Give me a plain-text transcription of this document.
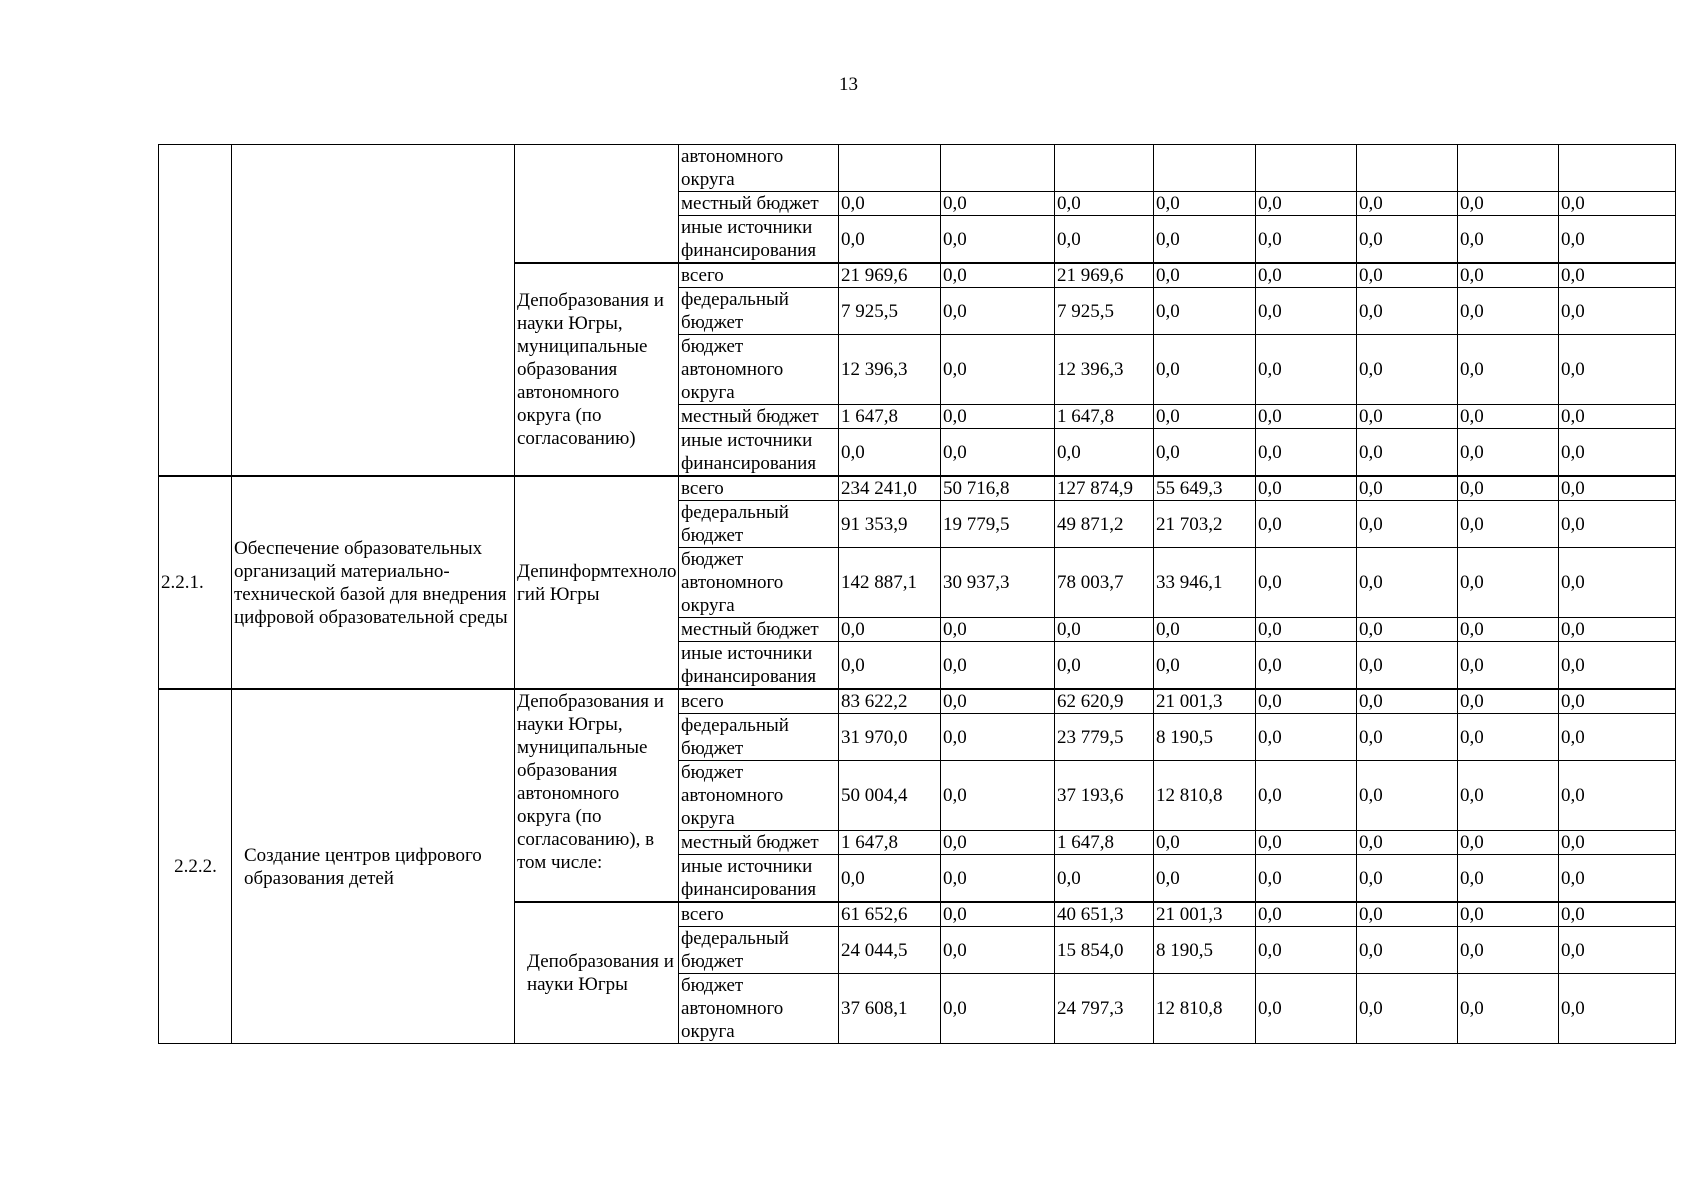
13
			автономного округа								
			местный бюджет	0,0	0,0	0,0	0,0	0,0	0,0	0,0	0,0
			иные источники финансирования	0,0	0,0	0,0	0,0	0,0	0,0	0,0	0,0
		Депобразования и науки Югры, муниципальные образования автономного округа (по согласованию)	всего	21 969,6	0,0	21 969,6	0,0	0,0	0,0	0,0	0,0
			федеральный бюджет	7 925,5	0,0	7 925,5	0,0	0,0	0,0	0,0	0,0
			бюджет автономного округа	12 396,3	0,0	12 396,3	0,0	0,0	0,0	0,0	0,0
			местный бюджет	1 647,8	0,0	1 647,8	0,0	0,0	0,0	0,0	0,0
			иные источники финансирования	0,0	0,0	0,0	0,0	0,0	0,0	0,0	0,0
2.2.1.	Обеспечение образовательных организаций материально-технической базой для внедрения цифровой образовательной среды	Депинформтехнологий Югры	всего	234 241,0	50 716,8	127 874,9	55 649,3	0,0	0,0	0,0	0,0
			федеральный бюджет	91 353,9	19 779,5	49 871,2	21 703,2	0,0	0,0	0,0	0,0
			бюджет автономного округа	142 887,1	30 937,3	78 003,7	33 946,1	0,0	0,0	0,0	0,0
			местный бюджет	0,0	0,0	0,0	0,0	0,0	0,0	0,0	0,0
			иные источники финансирования	0,0	0,0	0,0	0,0	0,0	0,0	0,0	0,0
2.2.2.	Создание центров цифрового образования детей	Депобразования и науки Югры, муниципальные образования автономного округа (по согласованию), в том числе:	всего	83 622,2	0,0	62 620,9	21 001,3	0,0	0,0	0,0	0,0
			федеральный бюджет	31 970,0	0,0	23 779,5	8 190,5	0,0	0,0	0,0	0,0
			бюджет автономного округа	50 004,4	0,0	37 193,6	12 810,8	0,0	0,0	0,0	0,0
			местный бюджет	1 647,8	0,0	1 647,8	0,0	0,0	0,0	0,0	0,0
			иные источники финансирования	0,0	0,0	0,0	0,0	0,0	0,0	0,0	0,0
		Депобразования и науки Югры	всего	61 652,6	0,0	40 651,3	21 001,3	0,0	0,0	0,0	0,0
			федеральный бюджет	24 044,5	0,0	15 854,0	8 190,5	0,0	0,0	0,0	0,0
			бюджет автономного округа	37 608,1	0,0	24 797,3	12 810,8	0,0	0,0	0,0	0,0
